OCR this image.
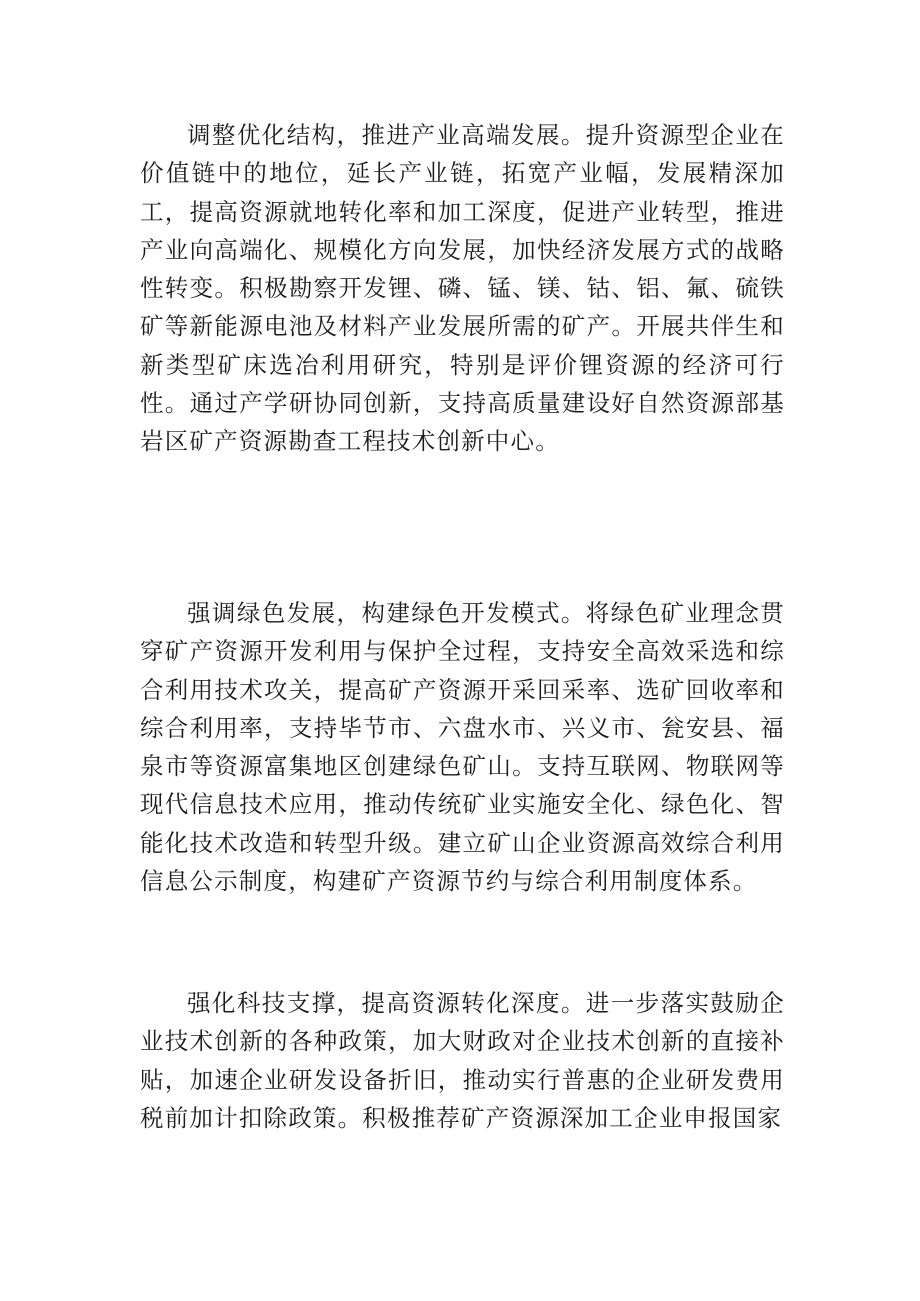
调整优化结构，推进产业高端发展。提升资源型企业在价值链中的地位，延长产业链，拓宽产业幅，发展精深加工，提高资源就地转化率和加工深度，促进产业转型，推进产业向高端化、规模化方向发展，加快经济发展方式的战略性转变。积极勘察开发锂、磷、锰、镁、钴、铝、氟、硫铁矿等新能源电池及材料产业发展所需的矿产。开展共伴生和新类型矿床选冶利用研究，特别是评价锂资源的经济可行性。通过产学研协同创新，支持高质量建设好自然资源部基岩区矿产资源勘查工程技术创新中心。

强调绿色发展，构建绿色开发模式。将绿色矿业理念贯穿矿产资源开发利用与保护全过程，支持安全高效采选和综合利用技术攻关，提高矿产资源开采回采率、选矿回收率和综合利用率，支持毕节市、六盘水市、兴义市、瓮安县、福泉市等资源富集地区创建绿色矿山。支持互联网、物联网等现代信息技术应用，推动传统矿业实施安全化、绿色化、智能化技术改造和转型升级。建立矿山企业资源高效综合利用信息公示制度，构建矿产资源节约与综合利用制度体系。

强化科技支撑，提高资源转化深度。进一步落实鼓励企业技术创新的各种政策，加大财政对企业技术创新的直接补贴，加速企业研发设备折旧，推动实行普惠的企业研发费用税前加计扣除政策。积极推荐矿产资源深加工企业申报国家
